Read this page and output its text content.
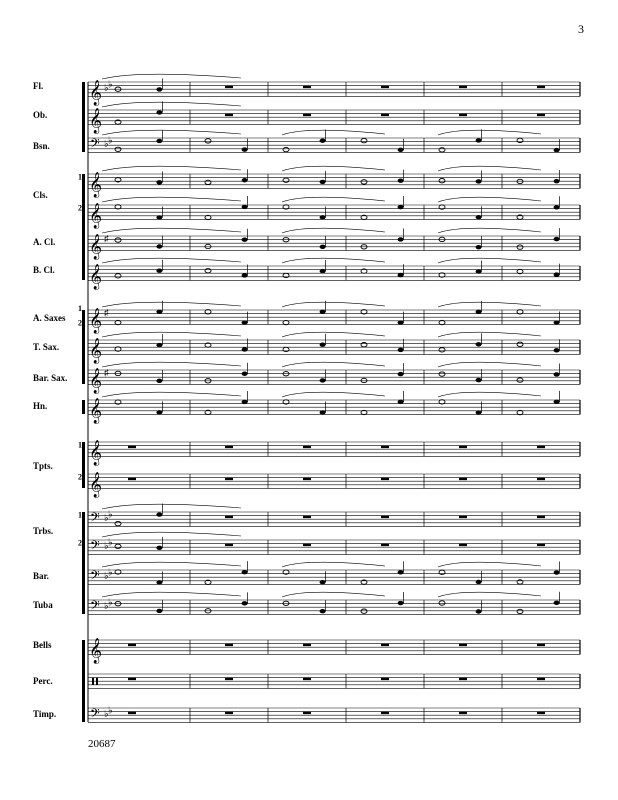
3
𝄞 ♭ ♭
𝄞
𝄢 ♭ ♭
𝄞
𝄞
𝄞 ♯
𝄞
𝄞 ♯
𝄞
𝄞 ♯
𝄞
𝄞
𝄞
𝄢 ♭ ♭
𝄢 ♭ ♭
𝄢 ♭ ♭
𝄢 ♭ ♭
𝄞
𝄢 ♭ ♭
Fl.
Ob.
Bsn.
Cls.
1
2
A. Cl.
B. Cl.
A. Saxes
1
2
T. Sax.
Bar. Sax.
Hn.
Tpts.
1
2
Trbs.
1
2
Bar.
Tuba
Bells
Perc.
Timp.
20687
